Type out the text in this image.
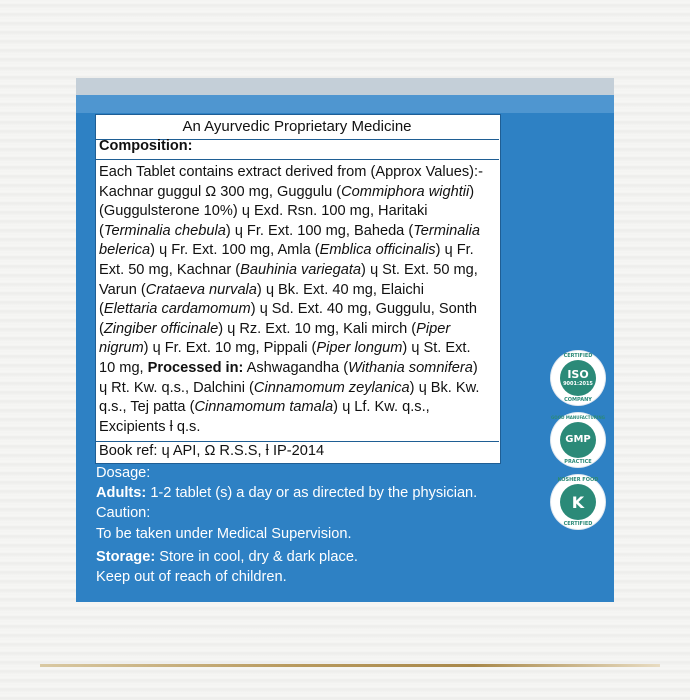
An Ayurvedic Proprietary Medicine
Composition:
Each Tablet contains extract derived from (Approx Values):-
Kachnar guggul Ω 300 mg, Guggulu (Commiphora wightii)
(Guggulsterone 10%) ɥ Exd. Rsn. 100 mg, Haritaki
(Terminalia chebula) ɥ Fr. Ext. 100 mg, Baheda (Terminalia
belerica) ɥ Fr. Ext. 100 mg, Amla (Emblica officinalis) ɥ Fr.
Ext. 50 mg, Kachnar (Bauhinia variegata) ɥ St. Ext. 50 mg,
Varun (Crataeva nurvala) ɥ Bk. Ext. 40 mg, Elaichi
(Elettaria cardamomum) ɥ Sd. Ext. 40 mg, Guggulu, Sonth
(Zingiber officinale) ɥ Rz. Ext. 10 mg, Kali mirch (Piper
nigrum) ɥ Fr. Ext. 10 mg, Pippali (Piper longum) ɥ St. Ext.
10 mg, Processed in: Ashwagandha (Withania somnifera)
ɥ Rt. Kw. q.s., Dalchini (Cinnamomum zeylanica) ɥ Bk. Kw.
q.s., Tej patta (Cinnamomum tamala) ɥ Lf. Kw. q.s.,
Excipients ƚ q.s.
Book ref: ɥ API, Ω R.S.S, ƚ IP-2014
Dosage:
Adults: 1-2 tablet (s) a day or as directed by the physician.
Caution:
To be taken under Medical Supervision.
Storage: Store in cool, dry & dark place.
Keep out of reach of children.
CERTIFIED
ISO
9001:2015
COMPANY
GOOD MANUFACTURING
GMP
PRACTICE
KOSHER FOOD
K
CERTIFIED
